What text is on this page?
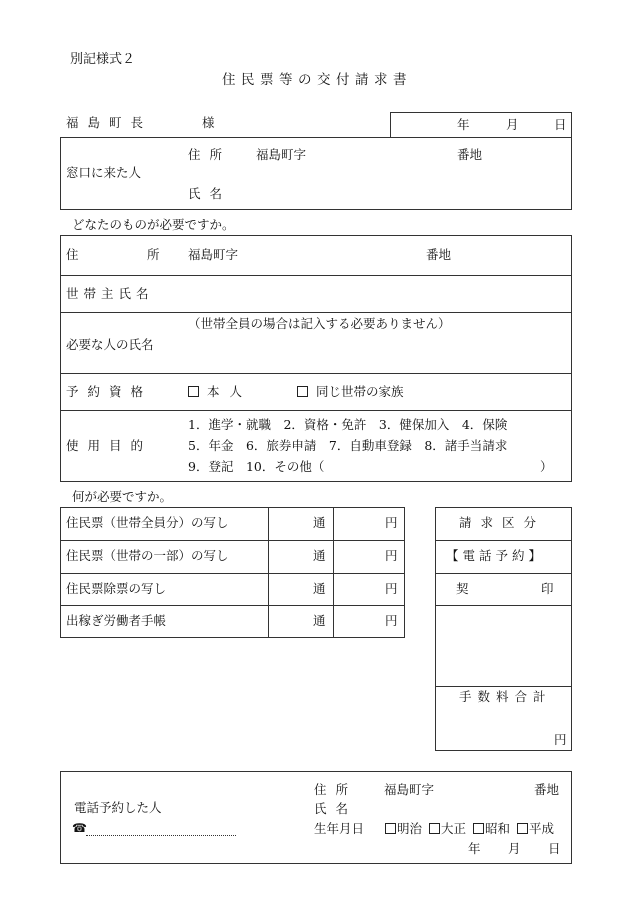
別記様式２
住民票等の交付請求書
福島町長	様	年	月	日
窓口に来た人
住所 福島町字	番地
氏名
どなたのものが必要ですか。
住	所 福島町字	番地
世帯主氏名
（世帯全員の場合は記入する必要ありません）
必要な人の氏名
予約資格	本人	同じ世帯の家族
使用目的
1．進学・就職　2．資格・免許　3．健保加入　4．保険
5．年金　6．旅券申請　7．自動車登録　8．諸手当請求
9．登記　10．その他（	）
何が必要ですか。
住民票（世帯全員分）の写し	通	円
住民票（世帯の一部）の写し	通	円
住民票除票の写し	通	円
出稼ぎ労働者手帳	通	円
請求区分
【電話予約】
契	印
手数料合計
円
電話予約した人
☎
住所 福島町字	番地
氏名
生年月日	明治	大正	昭和	平成
年 月 日
